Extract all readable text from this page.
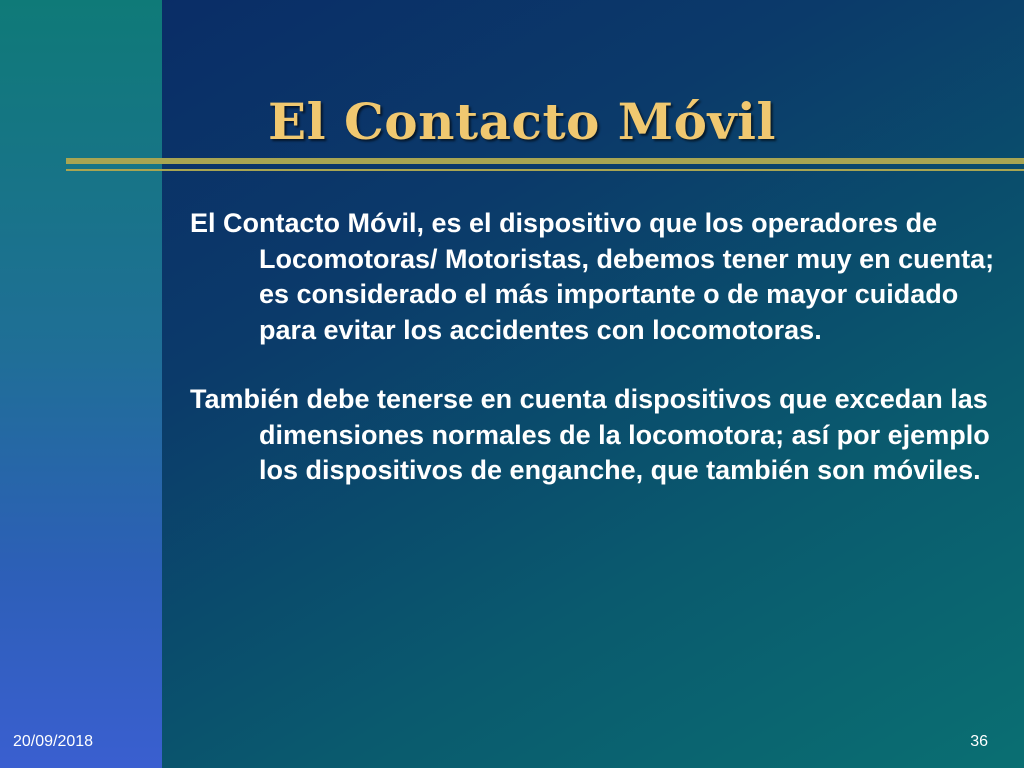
El Contacto Móvil

El Contacto Móvil, es el dispositivo que los operadores de Locomotoras/ Motoristas, debemos tener muy en cuenta; es considerado el más importante o de mayor cuidado para evitar los accidentes con locomotoras.

También debe tenerse en cuenta dispositivos que excedan las dimensiones normales de la locomotora; así por ejemplo los dispositivos de enganche, que también son móviles.

20/09/2018	36
